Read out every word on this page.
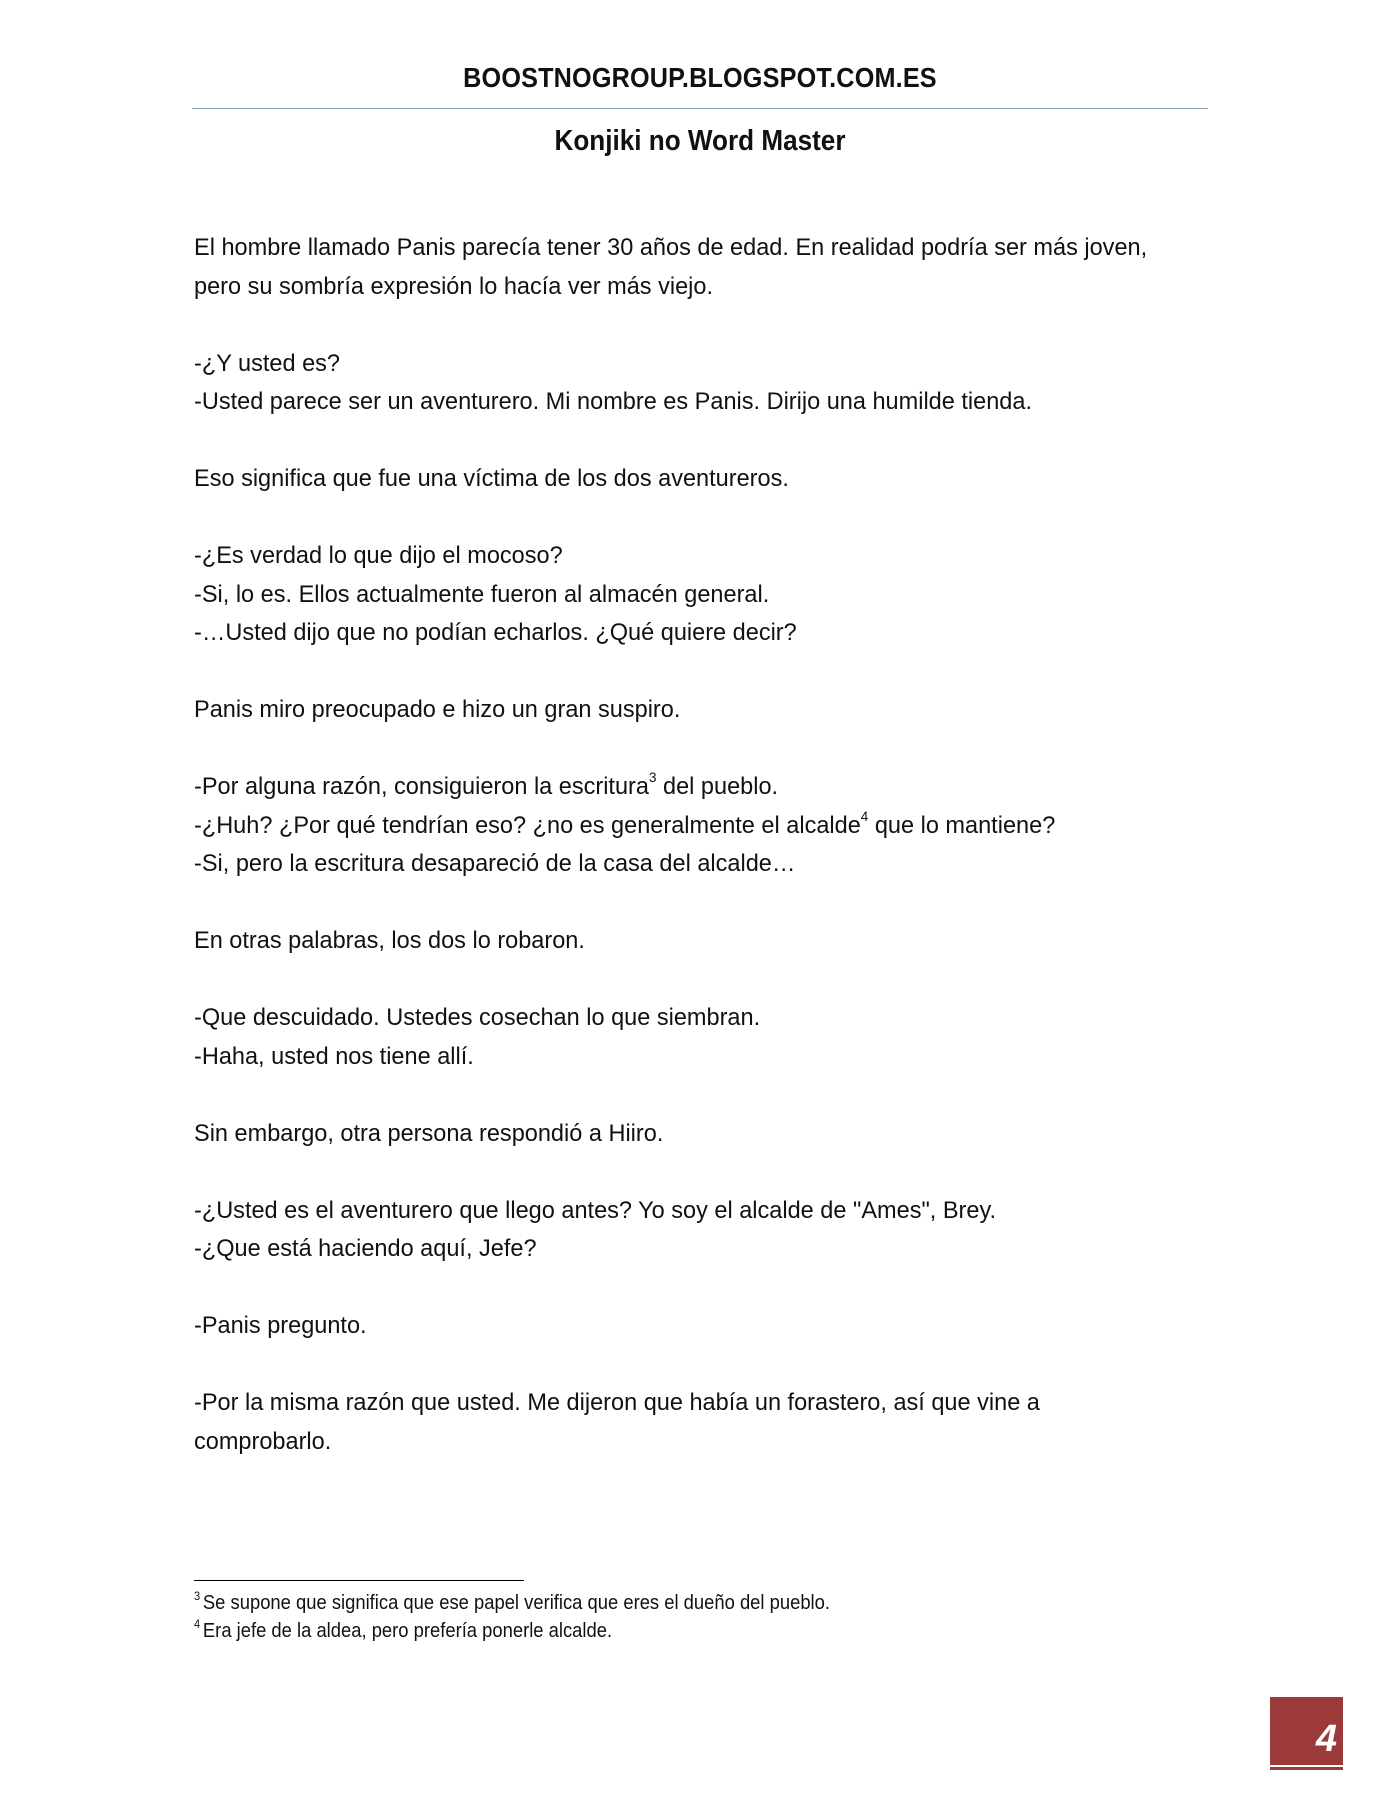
BOOSTNOGROUP.BLOGSPOT.COM.ES
Konjiki no Word Master

El hombre llamado Panis parecía tener 30 años de edad. En realidad podría ser más joven,
pero su sombría expresión lo hacía ver más viejo.

-¿Y usted es?
-Usted parece ser un aventurero. Mi nombre es Panis. Dirijo una humilde tienda.

Eso significa que fue una víctima de los dos aventureros.

-¿Es verdad lo que dijo el mocoso?
-Si, lo es. Ellos actualmente fueron al almacén general.
-…Usted dijo que no podían echarlos. ¿Qué quiere decir?

Panis miro preocupado e hizo un gran suspiro.

-Por alguna razón, consiguieron la escritura$^3$ del pueblo.
-¿Huh? ¿Por qué tendrían eso? ¿no es generalmente el alcalde$^4$ que lo mantiene?
-Si, pero la escritura desapareció de la casa del alcalde…

En otras palabras, los dos lo robaron.

-Que descuidado. Ustedes cosechan lo que siembran.
-Haha, usted nos tiene allí.

Sin embargo, otra persona respondió a Hiiro.

-¿Usted es el aventurero que llego antes? Yo soy el alcalde de "Ames", Brey.
-¿Que está haciendo aquí, Jefe?

-Panis pregunto.

-Por la misma razón que usted. Me dijeron que había un forastero, así que vine a
comprobarlo.

$^3$ Se supone que significa que ese papel verifica que eres el dueño del pueblo.
$^4$ Era jefe de la aldea, pero prefería ponerle alcalde.
4
